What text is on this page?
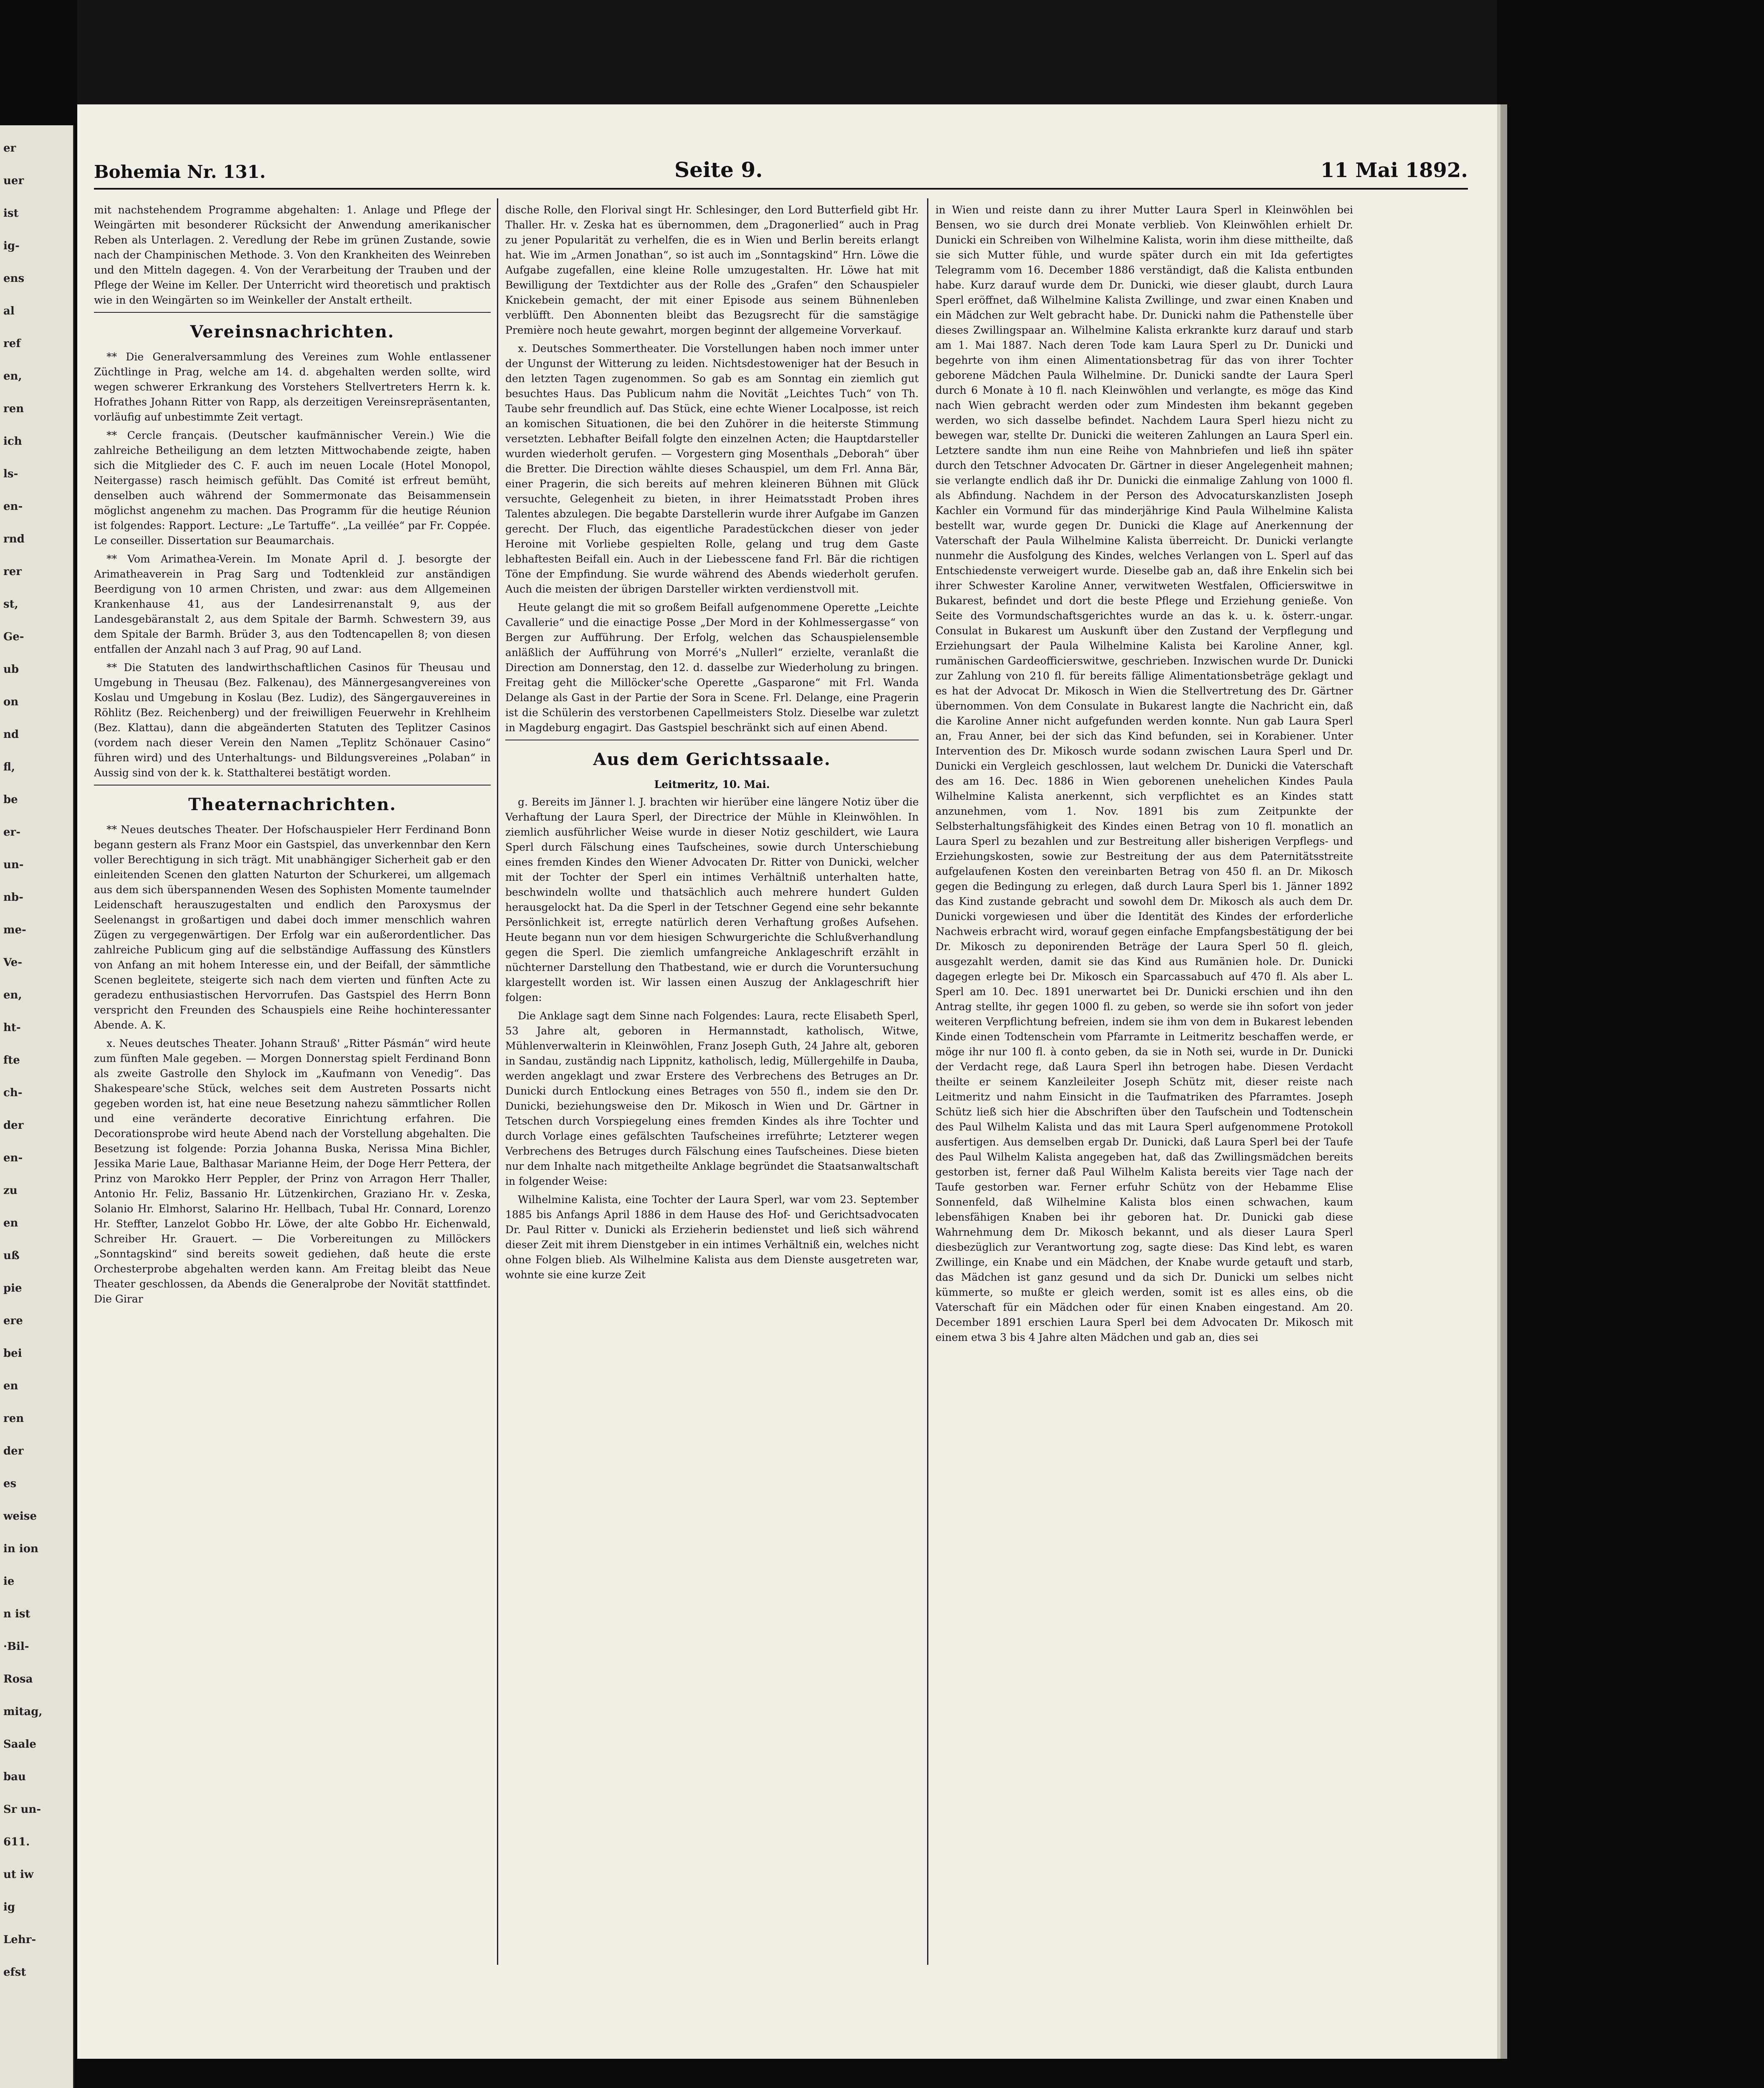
er
uer
ist
ig-
ens
al
ref
en,
ren
ich
ls-
en-
rnd
rer
st,
Ge-
ub
on
nd
fl,
be
er-
un-
nb-
me-
Ve-
en,
ht-
fte
ch-
der
en-
zu
en
uß
pie
ere
bei
en
ren
der
es
weise
in ion
ie
n ist
·Bil-
Rosa
mitag,
Saale
bau
Sr un-
611.
ut iw
ig
Lehr-
efst
Bohemia Nr. 131.	Seite 9.	11 Mai 1892.

mit nachstehendem Programme abgehalten: 1. Anlage und Pflege der Weingärten mit besonderer Rücksicht der Anwendung amerikanischer Reben als Unterlagen. 2. Veredlung der Rebe im grünen Zustande, sowie nach der Champinischen Methode. 3. Von den Krankheiten des Weinreben und den Mitteln dagegen. 4. Von der Verarbeitung der Trauben und der Pflege der Weine im Keller. Der Unterricht wird theoretisch und praktisch wie in den Weingärten so im Weinkeller der Anstalt ertheilt.

Vereinsnachrichten.

** Die Generalversammlung des Vereines zum Wohle entlassener Züchtlinge in Prag, welche am 14. d. abgehalten werden sollte, wird wegen schwerer Erkrankung des Vorstehers Stellvertreters Herrn k. k. Hofrathes Johann Ritter von Rapp, als derzeitigen Vereinsrepräsentanten, vorläufig auf unbestimmte Zeit vertagt.

** Cercle français. (Deutscher kaufmännischer Verein.) Wie die zahlreiche Betheiligung an dem letzten Mittwochabende zeigte, haben sich die Mitglieder des C. F. auch im neuen Locale (Hotel Monopol, Neitergasse) rasch heimisch gefühlt. Das Comité ist erfreut bemüht, denselben auch während der Sommermonate das Beisammensein möglichst angenehm zu machen. Das Programm für die heutige Réunion ist folgendes: Rapport. Lecture: „Le Tartuffe“. „La veillée“ par Fr. Coppée. Le conseiller. Dissertation sur Beaumarchais.

** Vom Arimathea-Verein. Im Monate April d. J. besorgte der Arimatheaverein in Prag Sarg und Todtenkleid zur anständigen Beerdigung von 10 armen Christen, und zwar: aus dem Allgemeinen Krankenhause 41, aus der Landesirrenanstalt 9, aus der Landesgebäranstalt 2, aus dem Spitale der Barmh. Schwestern 39, aus dem Spitale der Barmh. Brüder 3, aus den Todtencapellen 8; von diesen entfallen der Anzahl nach 3 auf Prag, 90 auf Land.

** Die Statuten des landwirthschaftlichen Casinos für Theusau und Umgebung in Theusau (Bez. Falkenau), des Männergesangvereines von Koslau und Umgebung in Koslau (Bez. Ludiz), des Sängergauvereines in Röhlitz (Bez. Reichenberg) und der freiwilligen Feuerwehr in Krehlheim (Bez. Klattau), dann die abgeänderten Statuten des Teplitzer Casinos (vordem nach dieser Verein den Namen „Teplitz Schönauer Casino“ führen wird) und des Unterhaltungs- und Bildungsvereines „Polaban“ in Aussig sind von der k. k. Statthalterei bestätigt worden.

Theaternachrichten.

** Neues deutsches Theater. Der Hofschauspieler Herr Ferdinand Bonn begann gestern als Franz Moor ein Gastspiel, das unverkennbar den Kern voller Berechtigung in sich trägt. Mit unabhängiger Sicherheit gab er den einleitenden Scenen den glatten Naturton der Schurkerei, um allgemach aus dem sich überspannenden Wesen des Sophisten Momente taumelnder Leidenschaft herauszugestalten und endlich den Paroxysmus der Seelenangst in großartigen und dabei doch immer menschlich wahren Zügen zu vergegenwärtigen. Der Erfolg war ein außerordentlicher. Das zahlreiche Publicum ging auf die selbständige Auffassung des Künstlers von Anfang an mit hohem Interesse ein, und der Beifall, der sämmtliche Scenen begleitete, steigerte sich nach dem vierten und fünften Acte zu geradezu enthusiastischen Hervorrufen. Das Gastspiel des Herrn Bonn verspricht den Freunden des Schauspiels eine Reihe hochinteressanter Abende. A. K.

x. Neues deutsches Theater. Johann Strauß' „Ritter Pásmán“ wird heute zum fünften Male gegeben. — Morgen Donnerstag spielt Ferdinand Bonn als zweite Gastrolle den Shylock im „Kaufmann von Venedig“. Das Shakespeare'sche Stück, welches seit dem Austreten Possarts nicht gegeben worden ist, hat eine neue Besetzung nahezu sämmtlicher Rollen und eine veränderte decorative Einrichtung erfahren. Die Decorationsprobe wird heute Abend nach der Vorstellung abgehalten. Die Besetzung ist folgende: Porzia Johanna Buska, Nerissa Mina Bichler, Jessika Marie Laue, Balthasar Marianne Heim, der Doge Herr Pettera, der Prinz von Marokko Herr Peppler, der Prinz von Arragon Herr Thaller, Antonio Hr. Feliz, Bassanio Hr. Lützenkirchen, Graziano Hr. v. Zeska, Solanio Hr. Elmhorst, Salarino Hr. Hellbach, Tubal Hr. Connard, Lorenzo Hr. Steffter, Lanzelot Gobbo Hr. Löwe, der alte Gobbo Hr. Eichenwald, Schreiber Hr. Grauert. — Die Vorbereitungen zu Millöckers „Sonntagskind“ sind bereits soweit gediehen, daß heute die erste Orchesterprobe abgehalten werden kann. Am Freitag bleibt das Neue Theater geschlossen, da Abends die Generalprobe der Novität stattfindet. Die Girar

dische Rolle, den Florival singt Hr. Schlesinger, den Lord Butterfield gibt Hr. Thaller. Hr. v. Zeska hat es übernommen, dem „Dragonerlied“ auch in Prag zu jener Popularität zu verhelfen, die es in Wien und Berlin bereits erlangt hat. Wie im „Armen Jonathan“, so ist auch im „Sonntagskind“ Hrn. Löwe die Aufgabe zugefallen, eine kleine Rolle umzugestalten. Hr. Löwe hat mit Bewilligung der Textdichter aus der Rolle des „Grafen“ den Schauspieler Knickebein gemacht, der mit einer Episode aus seinem Bühnenleben verblüfft. Den Abonnenten bleibt das Bezugsrecht für die samstägige Première noch heute gewahrt, morgen beginnt der allgemeine Vorverkauf.

x. Deutsches Sommertheater. Die Vorstellungen haben noch immer unter der Ungunst der Witterung zu leiden. Nichtsdestoweniger hat der Besuch in den letzten Tagen zugenommen. So gab es am Sonntag ein ziemlich gut besuchtes Haus. Das Publicum nahm die Novität „Leichtes Tuch“ von Th. Taube sehr freundlich auf. Das Stück, eine echte Wiener Localposse, ist reich an komischen Situationen, die bei den Zuhörer in die heiterste Stimmung versetzten. Lebhafter Beifall folgte den einzelnen Acten; die Hauptdarsteller wurden wiederholt gerufen. — Vorgestern ging Mosenthals „Deborah“ über die Bretter. Die Direction wählte dieses Schauspiel, um dem Frl. Anna Bär, einer Pragerin, die sich bereits auf mehren kleineren Bühnen mit Glück versuchte, Gelegenheit zu bieten, in ihrer Heimatsstadt Proben ihres Talentes abzulegen. Die begabte Darstellerin wurde ihrer Aufgabe im Ganzen gerecht. Der Fluch, das eigentliche Paradestückchen dieser von jeder Heroine mit Vorliebe gespielten Rolle, gelang und trug dem Gaste lebhaftesten Beifall ein. Auch in der Liebesscene fand Frl. Bär die richtigen Töne der Empfindung. Sie wurde während des Abends wiederholt gerufen. Auch die meisten der übrigen Darsteller wirkten verdienstvoll mit.

Heute gelangt die mit so großem Beifall aufgenommene Operette „Leichte Cavallerie“ und die einactige Posse „Der Mord in der Kohlmessergasse“ von Bergen zur Aufführung. Der Erfolg, welchen das Schauspielensemble anläßlich der Aufführung von Morré's „Nullerl“ erzielte, veranlaßt die Direction am Donnerstag, den 12. d. dasselbe zur Wiederholung zu bringen. Freitag geht die Millöcker'sche Operette „Gasparone“ mit Frl. Wanda Delange als Gast in der Partie der Sora in Scene. Frl. Delange, eine Pragerin ist die Schülerin des verstorbenen Capellmeisters Stolz. Dieselbe war zuletzt in Magdeburg engagirt. Das Gastspiel beschränkt sich auf einen Abend.

Aus dem Gerichtssaale.
Leitmeritz, 10. Mai.

g. Bereits im Jänner l. J. brachten wir hierüber eine längere Notiz über die Verhaftung der Laura Sperl, der Directrice der Mühle in Kleinwöhlen. In ziemlich ausführlicher Weise wurde in dieser Notiz geschildert, wie Laura Sperl durch Fälschung eines Taufscheines, sowie durch Unterschiebung eines fremden Kindes den Wiener Advocaten Dr. Ritter von Dunicki, welcher mit der Tochter der Sperl ein intimes Verhältniß unterhalten hatte, beschwindeln wollte und thatsächlich auch mehrere hundert Gulden herausgelockt hat. Da die Sperl in der Tetschner Gegend eine sehr bekannte Persönlichkeit ist, erregte natürlich deren Verhaftung großes Aufsehen. Heute begann nun vor dem hiesigen Schwurgerichte die Schlußverhandlung gegen die Sperl. Die ziemlich umfangreiche Anklageschrift erzählt in nüchterner Darstellung den Thatbestand, wie er durch die Voruntersuchung klargestellt worden ist. Wir lassen einen Auszug der Anklageschrift hier folgen:

Die Anklage sagt dem Sinne nach Folgendes: Laura, recte Elisabeth Sperl, 53 Jahre alt, geboren in Hermannstadt, katholisch, Witwe, Mühlenverwalterin in Kleinwöhlen, Franz Joseph Guth, 24 Jahre alt, geboren in Sandau, zuständig nach Lippnitz, katholisch, ledig, Müllergehilfe in Dauba, werden angeklagt und zwar Erstere des Verbrechens des Betruges an Dr. Dunicki durch Entlockung eines Betrages von 550 fl., indem sie den Dr. Dunicki, beziehungsweise den Dr. Mikosch in Wien und Dr. Gärtner in Tetschen durch Vorspiegelung eines fremden Kindes als ihre Tochter und durch Vorlage eines gefälschten Taufscheines irreführte; Letzterer wegen Verbrechens des Betruges durch Fälschung eines Taufscheines. Diese bieten nur dem Inhalte nach mitgetheilte Anklage begründet die Staatsanwaltschaft in folgender Weise:

Wilhelmine Kalista, eine Tochter der Laura Sperl, war vom 23. September 1885 bis Anfangs April 1886 in dem Hause des Hof- und Gerichtsadvocaten Dr. Paul Ritter v. Dunicki als Erzieherin bedienstet und ließ sich während dieser Zeit mit ihrem Dienstgeber in ein intimes Verhältniß ein, welches nicht ohne Folgen blieb. Als Wilhelmine Kalista aus dem Dienste ausgetreten war, wohnte sie eine kurze Zeit

in Wien und reiste dann zu ihrer Mutter Laura Sperl in Kleinwöhlen bei Bensen, wo sie durch drei Monate verblieb. Von Kleinwöhlen erhielt Dr. Dunicki ein Schreiben von Wilhelmine Kalista, worin ihm diese mittheilte, daß sie sich Mutter fühle, und wurde später durch ein mit Ida gefertigtes Telegramm vom 16. December 1886 verständigt, daß die Kalista entbunden habe. Kurz darauf wurde dem Dr. Dunicki, wie dieser glaubt, durch Laura Sperl eröffnet, daß Wilhelmine Kalista Zwillinge, und zwar einen Knaben und ein Mädchen zur Welt gebracht habe. Dr. Dunicki nahm die Pathenstelle über dieses Zwillingspaar an. Wilhelmine Kalista erkrankte kurz darauf und starb am 1. Mai 1887. Nach deren Tode kam Laura Sperl zu Dr. Dunicki und begehrte von ihm einen Alimentationsbetrag für das von ihrer Tochter geborene Mädchen Paula Wilhelmine. Dr. Dunicki sandte der Laura Sperl durch 6 Monate à 10 fl. nach Kleinwöhlen und verlangte, es möge das Kind nach Wien gebracht werden oder zum Mindesten ihm bekannt gegeben werden, wo sich dasselbe befindet. Nachdem Laura Sperl hiezu nicht zu bewegen war, stellte Dr. Dunicki die weiteren Zahlungen an Laura Sperl ein. Letztere sandte ihm nun eine Reihe von Mahnbriefen und ließ ihn später durch den Tetschner Advocaten Dr. Gärtner in dieser Angelegenheit mahnen; sie verlangte endlich daß ihr Dr. Dunicki die einmalige Zahlung von 1000 fl. als Abfindung. Nachdem in der Person des Advocaturskanzlisten Joseph Kachler ein Vormund für das minderjährige Kind Paula Wilhelmine Kalista bestellt war, wurde gegen Dr. Dunicki die Klage auf Anerkennung der Vaterschaft der Paula Wilhelmine Kalista überreicht. Dr. Dunicki verlangte nunmehr die Ausfolgung des Kindes, welches Verlangen von L. Sperl auf das Entschiedenste verweigert wurde. Dieselbe gab an, daß ihre Enkelin sich bei ihrer Schwester Karoline Anner, verwitweten Westfalen, Officierswitwe in Bukarest, befindet und dort die beste Pflege und Erziehung genieße. Von Seite des Vormundschaftsgerichtes wurde an das k. u. k. österr.-ungar. Consulat in Bukarest um Auskunft über den Zustand der Verpflegung und Erziehungsart der Paula Wilhelmine Kalista bei Karoline Anner, kgl. rumänischen Gardeofficierswitwe, geschrieben. Inzwischen wurde Dr. Dunicki zur Zahlung von 210 fl. für bereits fällige Alimentationsbeträge geklagt und es hat der Advocat Dr. Mikosch in Wien die Stellvertretung des Dr. Gärtner übernommen. Von dem Consulate in Bukarest langte die Nachricht ein, daß die Karoline Anner nicht aufgefunden werden konnte. Nun gab Laura Sperl an, Frau Anner, bei der sich das Kind befunden, sei in Korabiener. Unter Intervention des Dr. Mikosch wurde sodann zwischen Laura Sperl und Dr. Dunicki ein Vergleich geschlossen, laut welchem Dr. Dunicki die Vaterschaft des am 16. Dec. 1886 in Wien geborenen unehelichen Kindes Paula Wilhelmine Kalista anerkennt, sich verpflichtet es an Kindes statt anzunehmen, vom 1. Nov. 1891 bis zum Zeitpunkte der Selbsterhaltungsfähigkeit des Kindes einen Betrag von 10 fl. monatlich an Laura Sperl zu bezahlen und zur Bestreitung aller bisherigen Verpflegs- und Erziehungskosten, sowie zur Bestreitung der aus dem Paternitätsstreite aufgelaufenen Kosten den vereinbarten Betrag von 450 fl. an Dr. Mikosch gegen die Bedingung zu erlegen, daß durch Laura Sperl bis 1. Jänner 1892 das Kind zustande gebracht und sowohl dem Dr. Mikosch als auch dem Dr. Dunicki vorgewiesen und über die Identität des Kindes der erforderliche Nachweis erbracht wird, worauf gegen einfache Empfangsbestätigung der bei Dr. Mikosch zu deponirenden Beträge der Laura Sperl 50 fl. gleich, ausgezahlt werden, damit sie das Kind aus Rumänien hole. Dr. Dunicki dagegen erlegte bei Dr. Mikosch ein Sparcassabuch auf 470 fl. Als aber L. Sperl am 10. Dec. 1891 unerwartet bei Dr. Dunicki erschien und ihn den Antrag stellte, ihr gegen 1000 fl. zu geben, so werde sie ihn sofort von jeder weiteren Verpflichtung befreien, indem sie ihm von dem in Bukarest lebenden Kinde einen Todtenschein vom Pfarramte in Leitmeritz beschaffen werde, er möge ihr nur 100 fl. à conto geben, da sie in Noth sei, wurde in Dr. Dunicki der Verdacht rege, daß Laura Sperl ihn betrogen habe. Diesen Verdacht theilte er seinem Kanzleileiter Joseph Schütz mit, dieser reiste nach Leitmeritz und nahm Einsicht in die Taufmatriken des Pfarramtes. Joseph Schütz ließ sich hier die Abschriften über den Taufschein und Todtenschein des Paul Wilhelm Kalista und das mit Laura Sperl aufgenommene Protokoll ausfertigen. Aus demselben ergab Dr. Dunicki, daß Laura Sperl bei der Taufe des Paul Wilhelm Kalista angegeben hat, daß das Zwillingsmädchen bereits gestorben ist, ferner daß Paul Wilhelm Kalista bereits vier Tage nach der Taufe gestorben war. Ferner erfuhr Schütz von der Hebamme Elise Sonnenfeld, daß Wilhelmine Kalista blos einen schwachen, kaum lebensfähigen Knaben bei ihr geboren hat. Dr. Dunicki gab diese Wahrnehmung dem Dr. Mikosch bekannt, und als dieser Laura Sperl diesbezüglich zur Verantwortung zog, sagte diese: Das Kind lebt, es waren Zwillinge, ein Knabe und ein Mädchen, der Knabe wurde getauft und starb, das Mädchen ist ganz gesund und da sich Dr. Dunicki um selbes nicht kümmerte, so mußte er gleich werden, somit ist es alles eins, ob die Vaterschaft für ein Mädchen oder für einen Knaben eingestand. Am 20. December 1891 erschien Laura Sperl bei dem Advocaten Dr. Mikosch mit einem etwa 3 bis 4 Jahre alten Mädchen und gab an, dies sei
